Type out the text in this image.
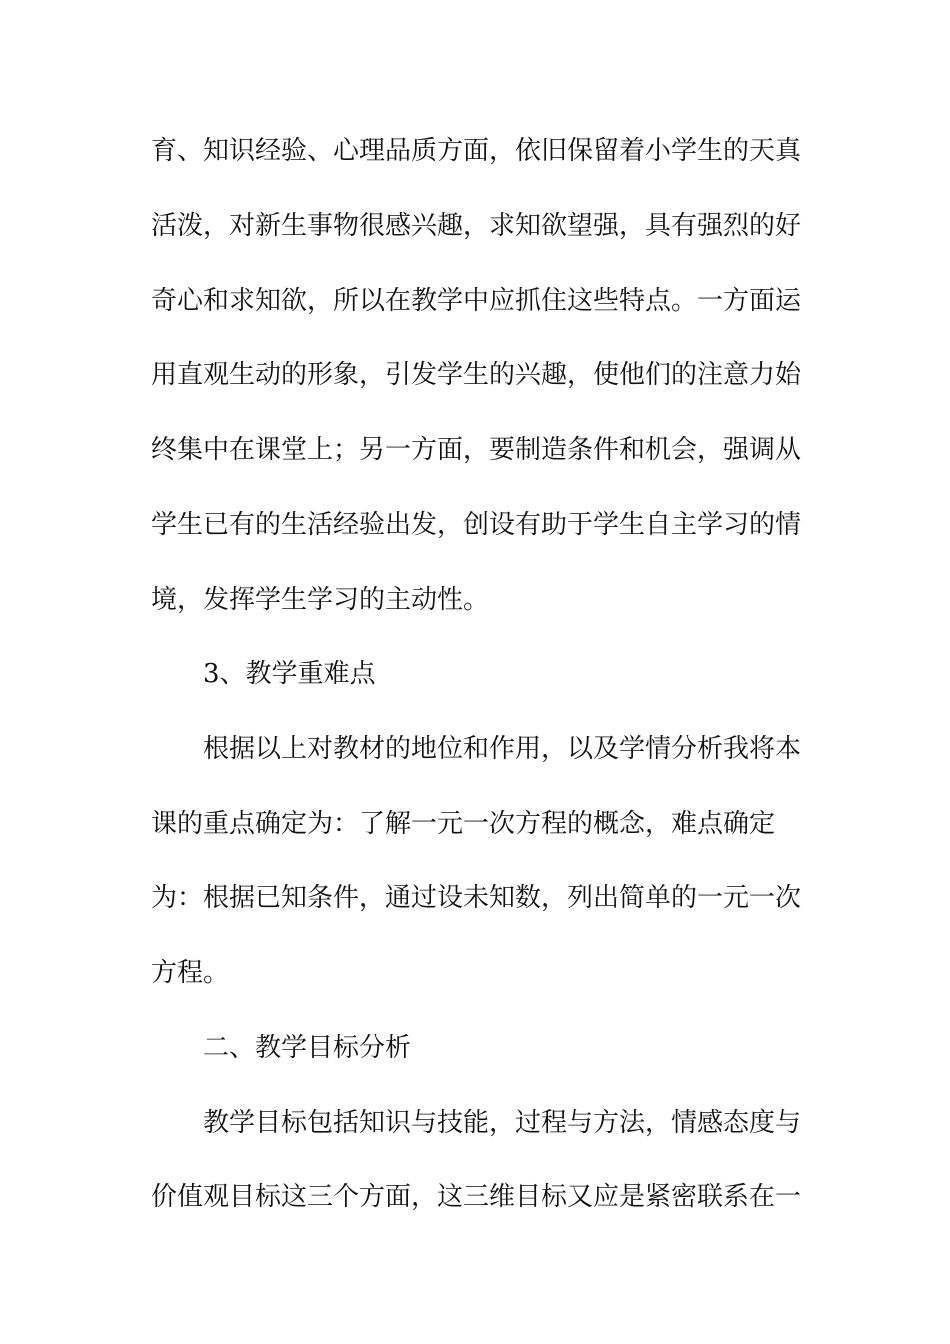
育、知识经验、心理品质方面，依旧保留着小学生的天真
活泼，对新生事物很感兴趣，求知欲望强，具有强烈的好
奇心和求知欲，所以在教学中应抓住这些特点。一方面运
用直观生动的形象，引发学生的兴趣，使他们的注意力始
终集中在课堂上；另一方面，要制造条件和机会，强调从
学生已有的生活经验出发，创设有助于学生自主学习的情
境，发挥学生学习的主动性。
3、教学重难点
根据以上对教材的地位和作用，以及学情分析我将本
课的重点确定为：了解一元一次方程的概念，难点确定
为：根据已知条件，通过设未知数，列出简单的一元一次
方程。
二、教学目标分析
教学目标包括知识与技能，过程与方法，情感态度与
价值观目标这三个方面，这三维目标又应是紧密联系在一
